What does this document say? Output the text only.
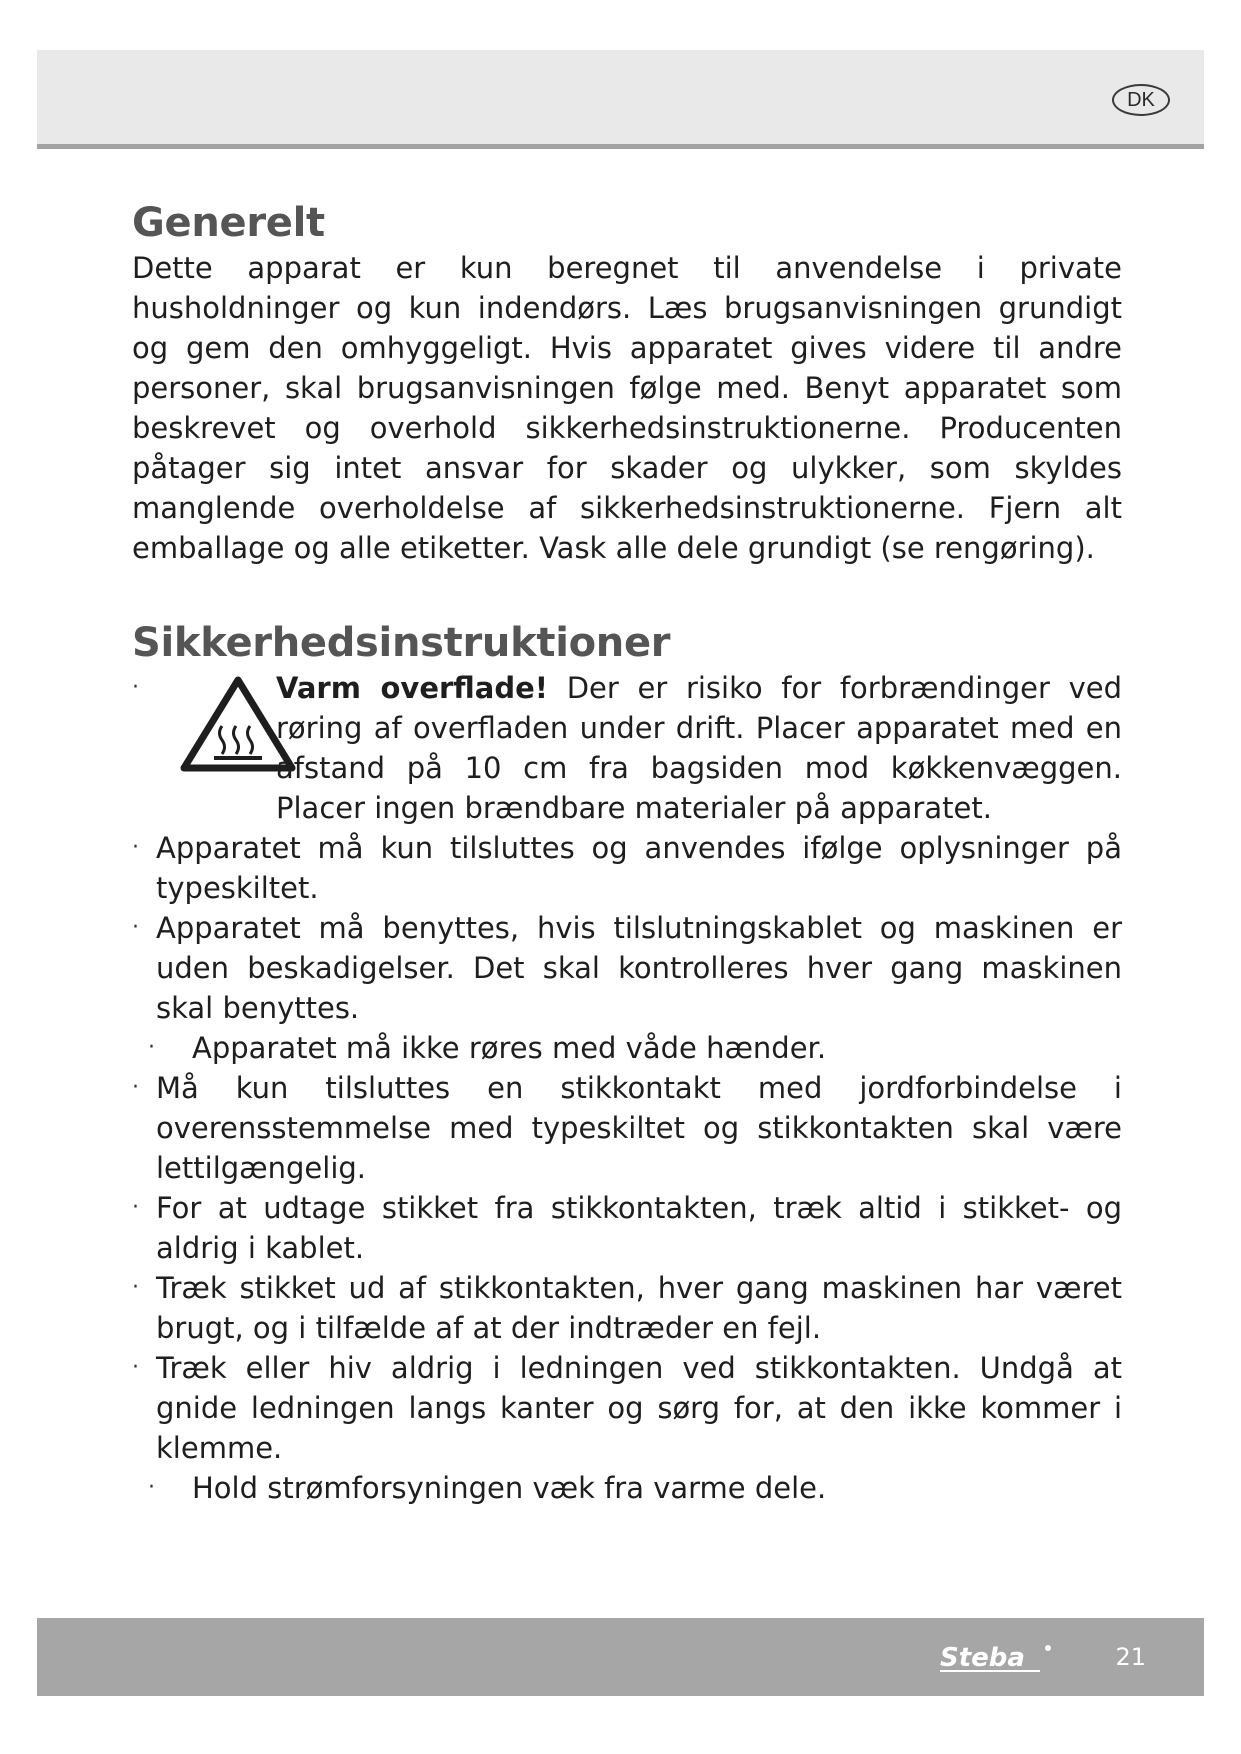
DK
Generelt

Dette apparat er kun beregnet til anvendelse i private husholdninger og kun indendørs. Læs brugsanvisningen grundigt og gem den omhyggeligt. Hvis apparatet gives videre til andre personer, skal brugsanvisningen følge med. Benyt apparatet som beskrevet og overhold sikkerhedsinstruktionerne. Producenten påtager sig intet ansvar for skader og ulykker, som skyldes manglende overholdelse af sikkerhedsinstruktionerne. Fjern alt emballage og alle etiketter. Vask alle dele grundigt (se rengøring).

Sikkerhedsinstruktioner
·	Varm overflade! Der er risiko for forbrændinger ved røring af overfladen under drift. Placer apparatet med en afstand på 10 cm fra bagsiden mod køkkenvæggen. Placer ingen brændbare materialer på apparatet.
· Apparatet må kun tilsluttes og anvendes ifølge oplysninger på typeskiltet.
· Apparatet må benyttes, hvis tilslutningskablet og maskinen er uden beskadigelser. Det skal kontrolleres hver gang maskinen skal benyttes.
· Apparatet må ikke røres med våde hænder.
· Må kun tilsluttes en stikkontakt med jordforbindelse i overensstemmelse med typeskiltet og stikkontakten skal være lettilgængelig.
· For at udtage stikket fra stikkontakten, træk altid i stikket- og aldrig i kablet.
· Træk stikket ud af stikkontakten, hver gang maskinen har været brugt, og i tilfælde af at der indtræder en fejl.
· Træk eller hiv aldrig i ledningen ved stikkontakten. Undgå at gnide ledningen langs kanter og sørg for, at den ikke kommer i klemme.
· Hold strømforsyningen væk fra varme dele.
Steba	21
